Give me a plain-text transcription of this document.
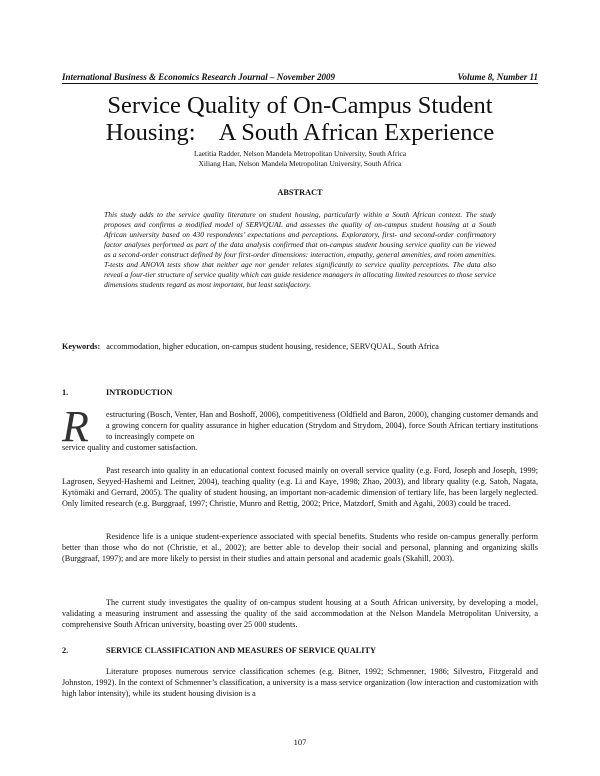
International Business & Economics Research Journal – November 2009	Volume 8, Number 11
Service Quality of On-Campus Student
Housing:    A South African Experience
Laetitia Radder, Nelson Mandela Metropolitan University, South Africa
Xiliang Han, Nelson Mandela Metropolitan University, South Africa
ABSTRACT
This study adds to the service quality literature on student housing, particularly within a South African context. The study proposes and confirms a modified model of SERVQUAL and assesses the quality of on-campus student housing at a South African university based on 430 respondents’ expectations and perceptions. Exploratory, first- and second-order confirmatory factor analyses performed as part of the data analysis confirmed that on-campus student housing service quality can be viewed as a second-order construct defined by four first-order dimensions: interaction, empathy, general amenities, and room amenities. T-tests and ANOVA tests show that neither age nor gender relates significantly to service quality perceptions. The data also reveal a four-tier structure of service quality which can guide residence managers in allocating limited resources to those service dimensions students regard as most important, but least satisfactory.
Keywords: accommodation, higher education, on-campus student housing, residence, SERVQUAL, South Africa
1.	INTRODUCTION
R estructuring (Bosch, Venter, Han and Boshoff, 2006), competitiveness (Oldfield and Baron, 2000), changing customer demands and a growing concern for quality assurance in higher education (Strydom and Strydom, 2004), force South African tertiary institutions to increasingly compete on
service quality and customer satisfaction.
Past research into quality in an educational context focused mainly on overall service quality (e.g. Ford, Joseph and Joseph, 1999; Lagrosen, Seyyed-Hashemi and Leitner, 2004), teaching quality (e.g. Li and Kaye, 1998; Zhao, 2003), and library quality (e.g. Satoh, Nagata, Kytömäki and Gerrard, 2005). The quality of student housing, an important non-academic dimension of tertiary life, has been largely neglected. Only limited research (e.g. Burggraaf, 1997; Christie, Munro and Rettig, 2002; Price, Matzdorf, Smith and Agahi, 2003) could be traced.
Residence life is a unique student-experience associated with special benefits. Students who reside on-campus generally perform better than those who do not (Christie, et al., 2002); are better able to develop their social and personal, planning and organizing skills (Burggraaf, 1997); and are more likely to persist in their studies and attain personal and academic goals (Skahill, 2003).
The current study investigates the quality of on-campus student housing at a South African university, by developing a model, validating a measuring instrument and assessing the quality of the said accommodation at the Nelson Mandela Metropolitan University, a comprehensive South African university, boasting over 25 000 students.
2.	SERVICE CLASSIFICATION AND MEASURES OF SERVICE QUALITY
Literature proposes numerous service classification schemes (e.g. Bitner, 1992; Schmenner, 1986; Silvestro, Fitzgerald and Johnston, 1992). In the context of Schmenner’s classification, a university is a mass service organization (low interaction and customization with high labor intensity), while its student housing division is a
107
